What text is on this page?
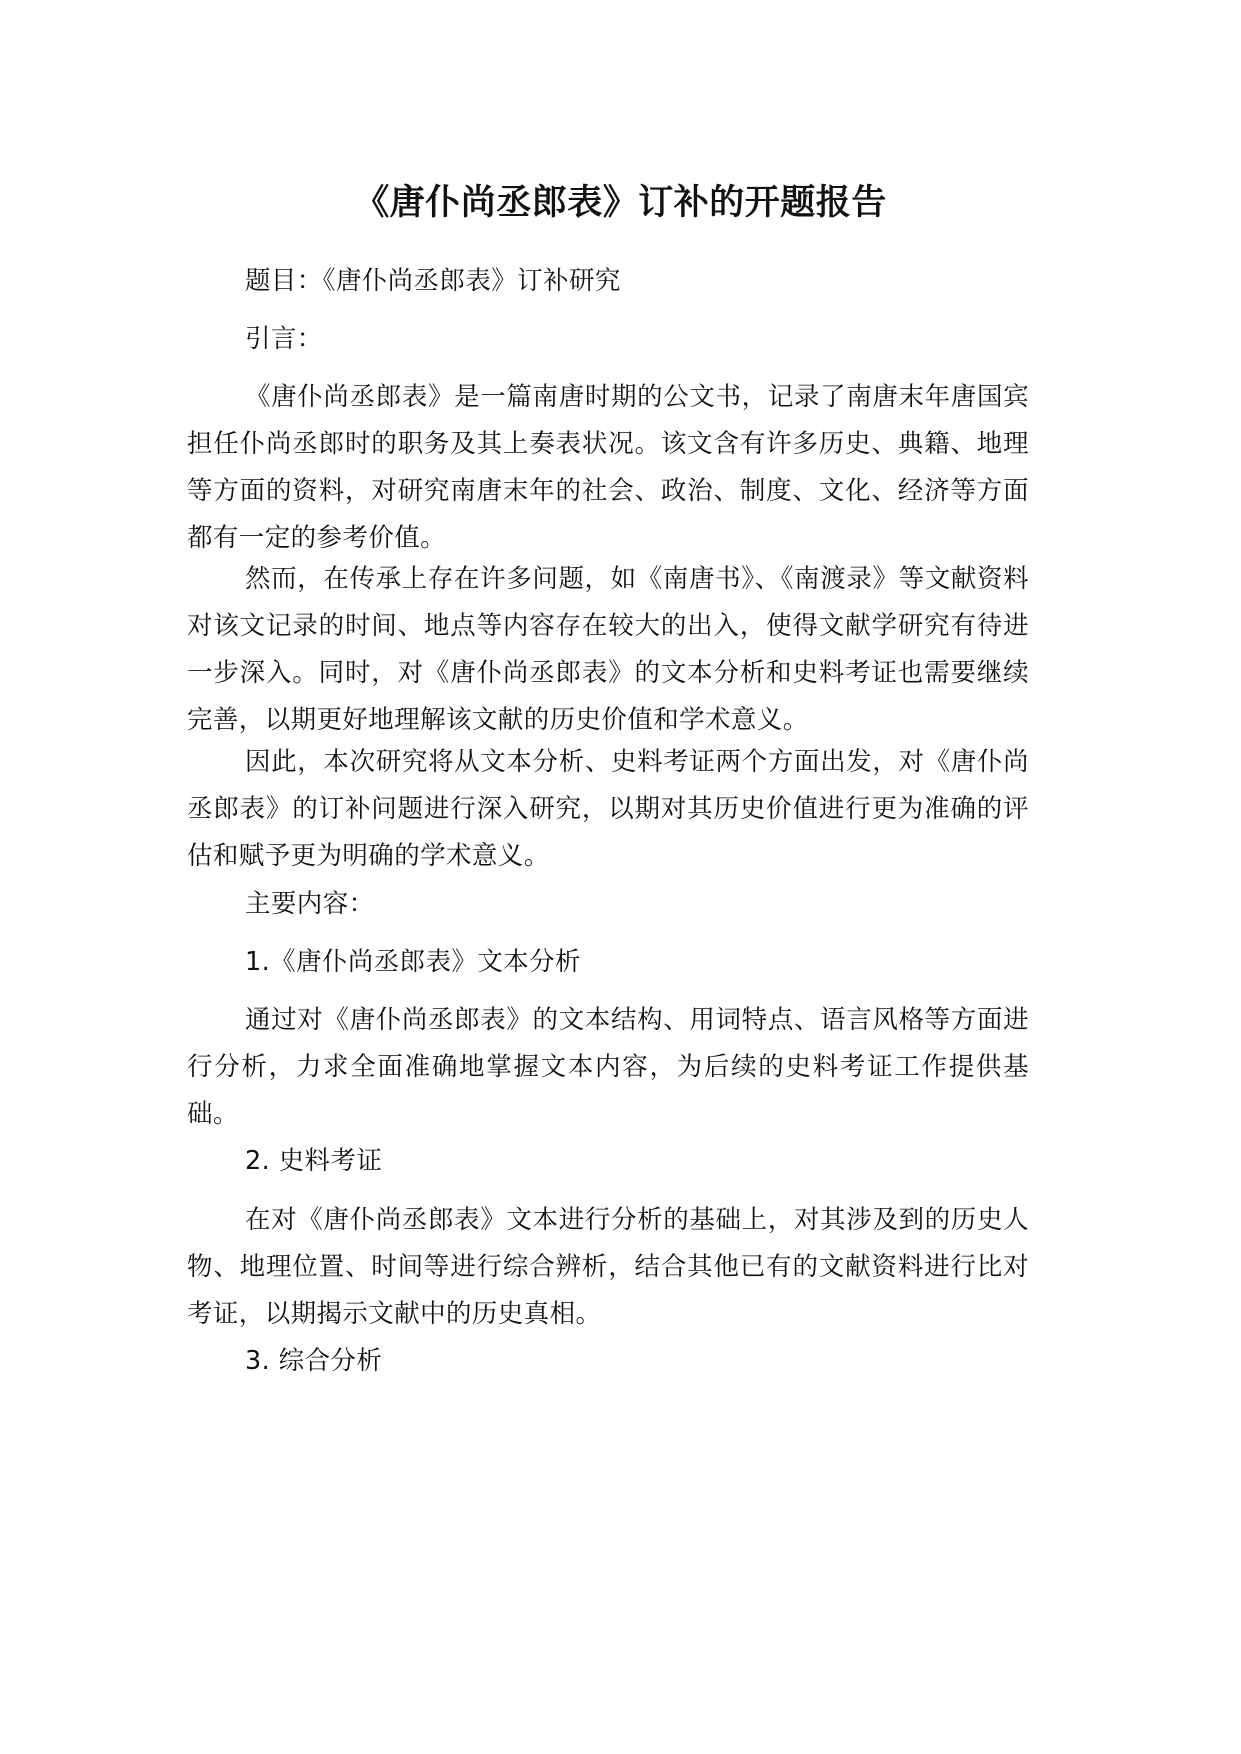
《唐仆尚丞郎表》订补的开题报告

题目：《唐仆尚丞郎表》订补研究

引言：

《唐仆尚丞郎表》是一篇南唐时期的公文书，记录了南唐末年唐国宾担任仆尚丞郎时的职务及其上奏表状况。该文含有许多历史、典籍、地理等方面的资料，对研究南唐末年的社会、政治、制度、文化、经济等方面都有一定的参考价值。

然而，在传承上存在许多问题，如《南唐书》、《南渡录》等文献资料对该文记录的时间、地点等内容存在较大的出入，使得文献学研究有待进一步深入。同时，对《唐仆尚丞郎表》的文本分析和史料考证也需要继续完善，以期更好地理解该文献的历史价值和学术意义。

因此，本次研究将从文本分析、史料考证两个方面出发，对《唐仆尚丞郎表》的订补问题进行深入研究，以期对其历史价值进行更为准确的评估和赋予更为明确的学术意义。

主要内容：

1.《唐仆尚丞郎表》文本分析

通过对《唐仆尚丞郎表》的文本结构、用词特点、语言风格等方面进行分析，力求全面准确地掌握文本内容，为后续的史料考证工作提供基础。

2. 史料考证

在对《唐仆尚丞郎表》文本进行分析的基础上，对其涉及到的历史人物、地理位置、时间等进行综合辨析，结合其他已有的文献资料进行比对考证，以期揭示文献中的历史真相。

3. 综合分析
